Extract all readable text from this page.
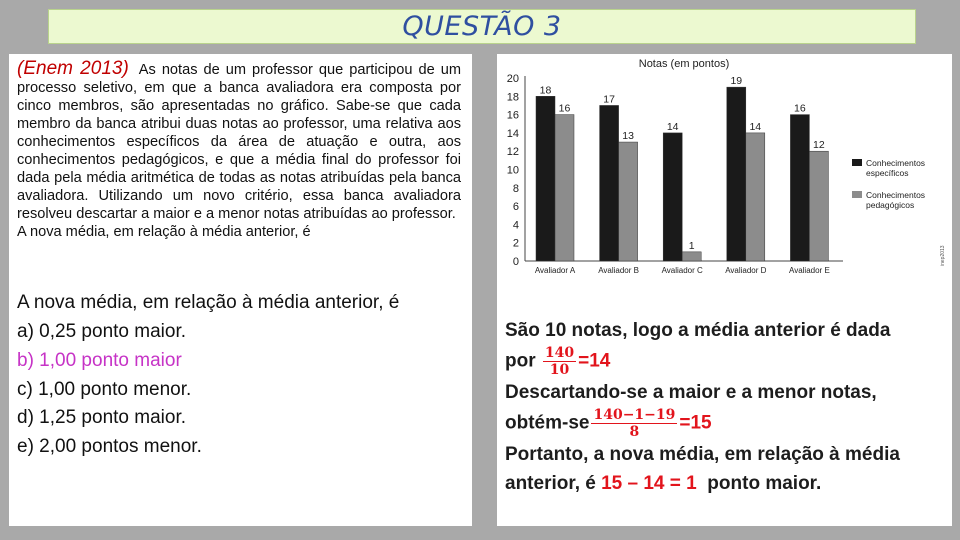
QUESTÃO 3
(Enem 2013) As notas de um professor que participou de um processo seletivo, em que a banca avaliadora era composta por cinco membros, são apresentadas no gráfico. Sabe-se que cada membro da banca atribui duas notas ao professor, uma relativa aos conhecimentos específicos da área de atuação e outra, aos conhecimentos pedagógicos, e que a média final do professor foi dada pela média aritmética de todas as notas atribuídas pela banca avaliadora. Utilizando um novo critério, essa banca avaliadora resolveu descartar a maior e a menor notas atribuídas ao professor.
A nova média, em relação à média anterior, é
A nova média, em relação à média anterior, é
a) 0,25 ponto maior.
b) 1,00 ponto maior
c) 1,00 ponto menor.
d) 1,25 ponto maior.
e) 2,00 pontos menor.
Notas (em pontos)
0
2
4
6
8
10
12
14
16
18
20
18
16
Avaliador A
17
13
Avaliador B
14
1
Avaliador C
19
14
Avaliador D
16
12
Avaliador E
Conhecimentos
específicos
Conhecimentos
pedagógicos
inep2013
São 10 notas, logo a média anterior é dada
por $\frac{140}{10} =14$
Descartando-se a maior e a menor notas,
obtém-se $\frac{140-1-19}{8} =15$
Portanto, a nova média, em relação à média
anterior, é 15 – 14 = 1 ponto maior.
